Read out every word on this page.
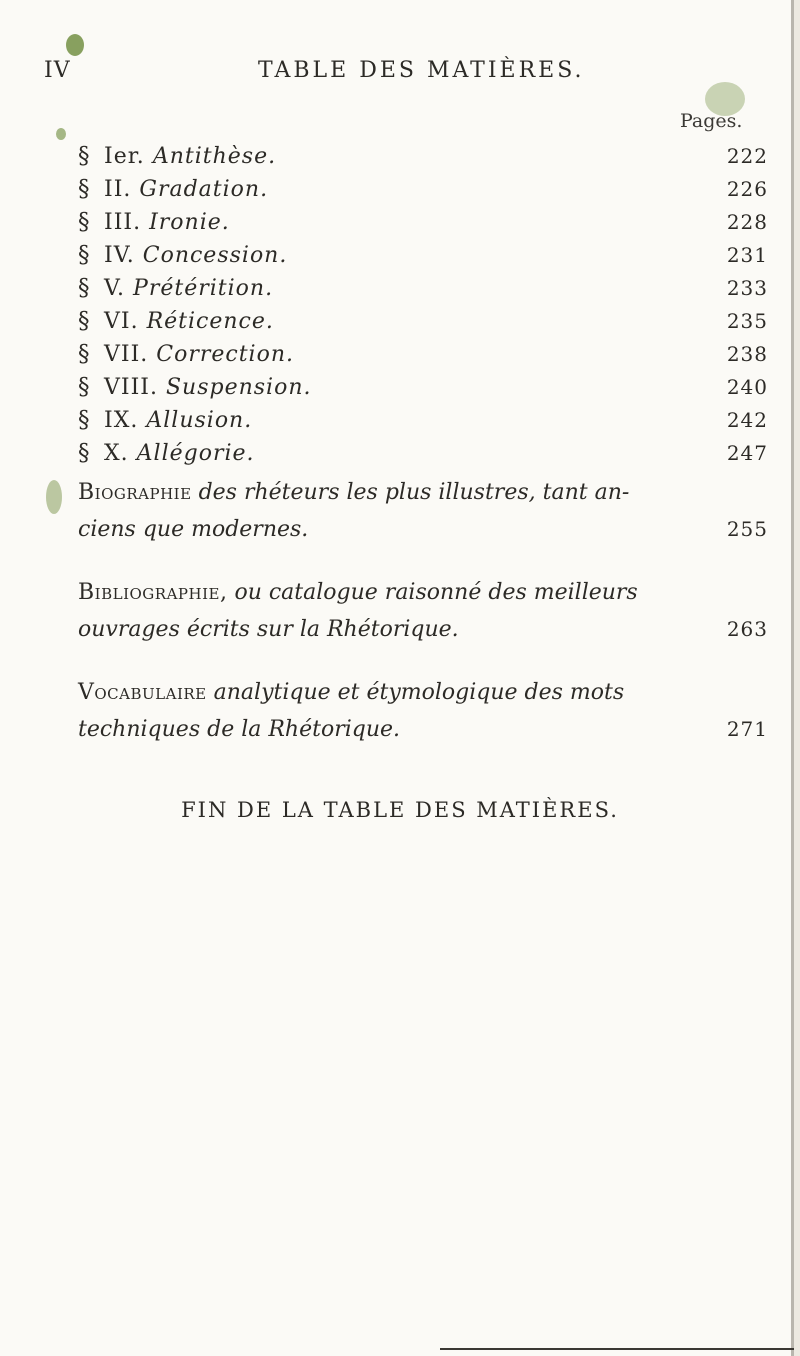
IV	TABLE DES MATIÈRES.
Pages.
§ Ier. Antithèse.	222
§ II. Gradation.	226
§ III. Ironie.	228
§ IV. Concession.	231
§ V. Prétérition.	233
§ VI. Réticence.	235
§ VII. Correction.	238
§ VIII. Suspension.	240
§ IX. Allusion.	242
§ X. Allégorie.	247
Biographie des rhéteurs les plus illustres, tant an-
ciens que modernes.	255
Bibliographie, ou catalogue raisonné des meilleurs
ouvrages écrits sur la Rhétorique.	263
Vocabulaire analytique et étymologique des mots
techniques de la Rhétorique.	271
FIN DE LA TABLE DES MATIÈRES.
